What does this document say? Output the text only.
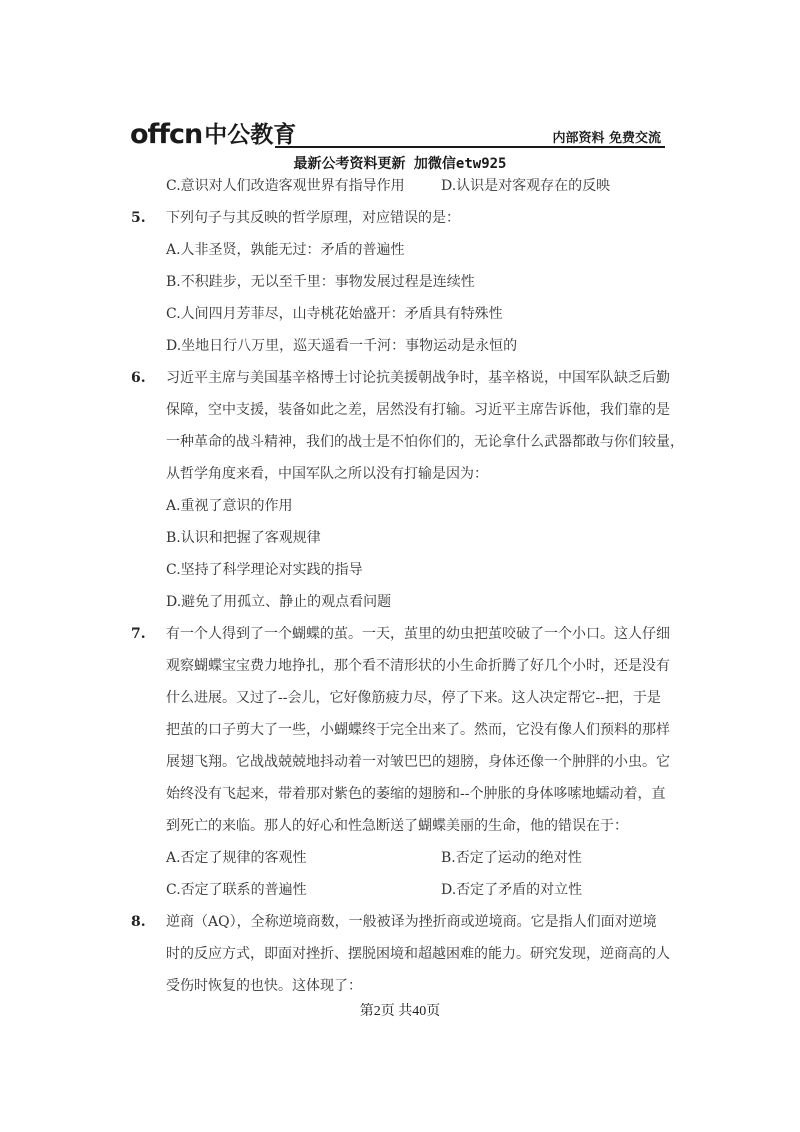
offcn 中公教育	内部资料 免费交流
最新公考资料更新 加微信etw925
C.意识对人们改造客观世界有指导作用	D.认识是对客观存在的反映
5. 下列句子与其反映的哲学原理，对应错误的是：
A.人非圣贤，孰能无过：矛盾的普遍性
B.不积跬步，无以至千里：事物发展过程是连续性
C.人间四月芳菲尽，山寺桃花始盛开：矛盾具有特殊性
D.坐地日行八万里，巡天遥看一千河：事物运动是永恒的
6. 习近平主席与美国基辛格博士讨论抗美援朝战争时，基辛格说，中国军队缺乏后勤
保障，空中支援，装备如此之差，居然没有打输。习近平主席告诉他，我们靠的是
一种革命的战斗精神，我们的战士是不怕你们的，无论拿什么武器都敢与你们较量，
从哲学角度来看，中国军队之所以没有打输是因为：
A.重视了意识的作用
B.认识和把握了客观规律
C.坚持了科学理论对实践的指导
D.避免了用孤立、静止的观点看问题
7. 有一个人得到了一个蝴蝶的茧。一天，茧里的幼虫把茧咬破了一个小口。这人仔细
观察蝴蝶宝宝费力地挣扎，那个看不清形状的小生命折腾了好几个小时，还是没有
什么进展。又过了--会儿，它好像筋疲力尽，停了下来。这人决定帮它--把，于是
把茧的口子剪大了一些，小蝴蝶终于完全出来了。然而，它没有像人们预料的那样
展翅飞翔。它战战兢兢地抖动着一对皱巴巴的翅膀，身体还像一个肿胖的小虫。它
始终没有飞起来，带着那对紫色的萎缩的翅膀和--个肿胀的身体哆嗦地蠕动着，直
到死亡的来临。那人的好心和性急断送了蝴蝶美丽的生命，他的错误在于：
A.否定了规律的客观性	B.否定了运动的绝对性
C.否定了联系的普遍性	D.否定了矛盾的对立性
8. 逆商（AQ），全称逆境商数，一般被译为挫折商或逆境商。它是指人们面对逆境
时的反应方式，即面对挫折、摆脱困境和超越困难的能力。研究发现，逆商高的人
受伤时恢复的也快。这体现了：
第2页 共40页
